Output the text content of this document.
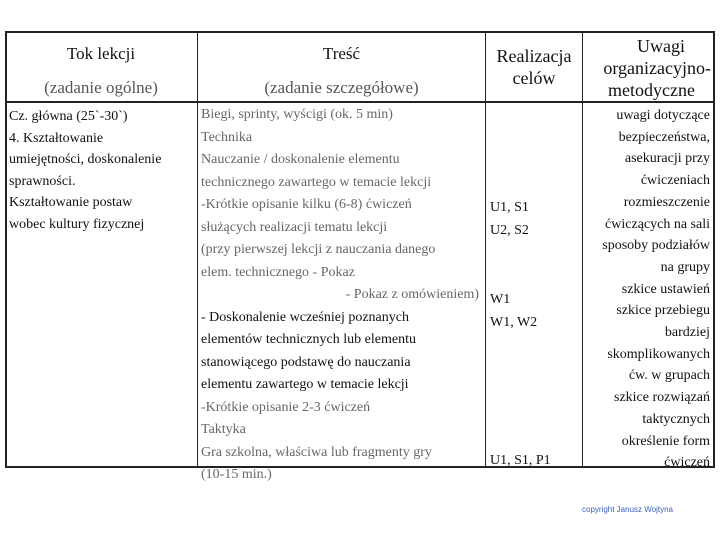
Tok lekcji
(zadanie ogólne)
Treść
(zadanie szczegółowe)
Realizacja
celów
Uwagi
organizacyjno-
metodyczne
Cz. główna (25`-30`)
4. Kształtowanie
umiejętności, doskonalenie
sprawności.
Kształtowanie postaw
wobec kultury fizycznej
Biegi, sprinty, wyścigi (ok. 5 min)
Technika
Nauczanie / doskonalenie elementu
technicznego zawartego w temacie lekcji
-Krótkie opisanie kilku (6-8) ćwiczeń
służących realizacji tematu lekcji
(przy pierwszej lekcji z nauczania danego
elem. technicznego - Pokaz
- Pokaz z omówieniem)
- Doskonalenie wcześniej poznanych
elementów technicznych lub elementu
stanowiącego podstawę do nauczania
elementu zawartego w temacie lekcji
-Krótkie opisanie 2-3 ćwiczeń
Taktyka
Gra szkolna, właściwa lub fragmenty gry
(10-15 min.)
U1, S1
U2, S2
W1
W1, W2
U1, S1, P1
uwagi dotyczące
bezpieczeństwa,
asekuracji przy
ćwiczeniach
rozmieszczenie
ćwiczących na sali
sposoby podziałów
na grupy
szkice ustawień
szkice przebiegu
bardziej
skomplikowanych
ćw. w grupach
szkice rozwiązań
taktycznych
określenie form
ćwiczeń
copyright Janusz Wojtyna
